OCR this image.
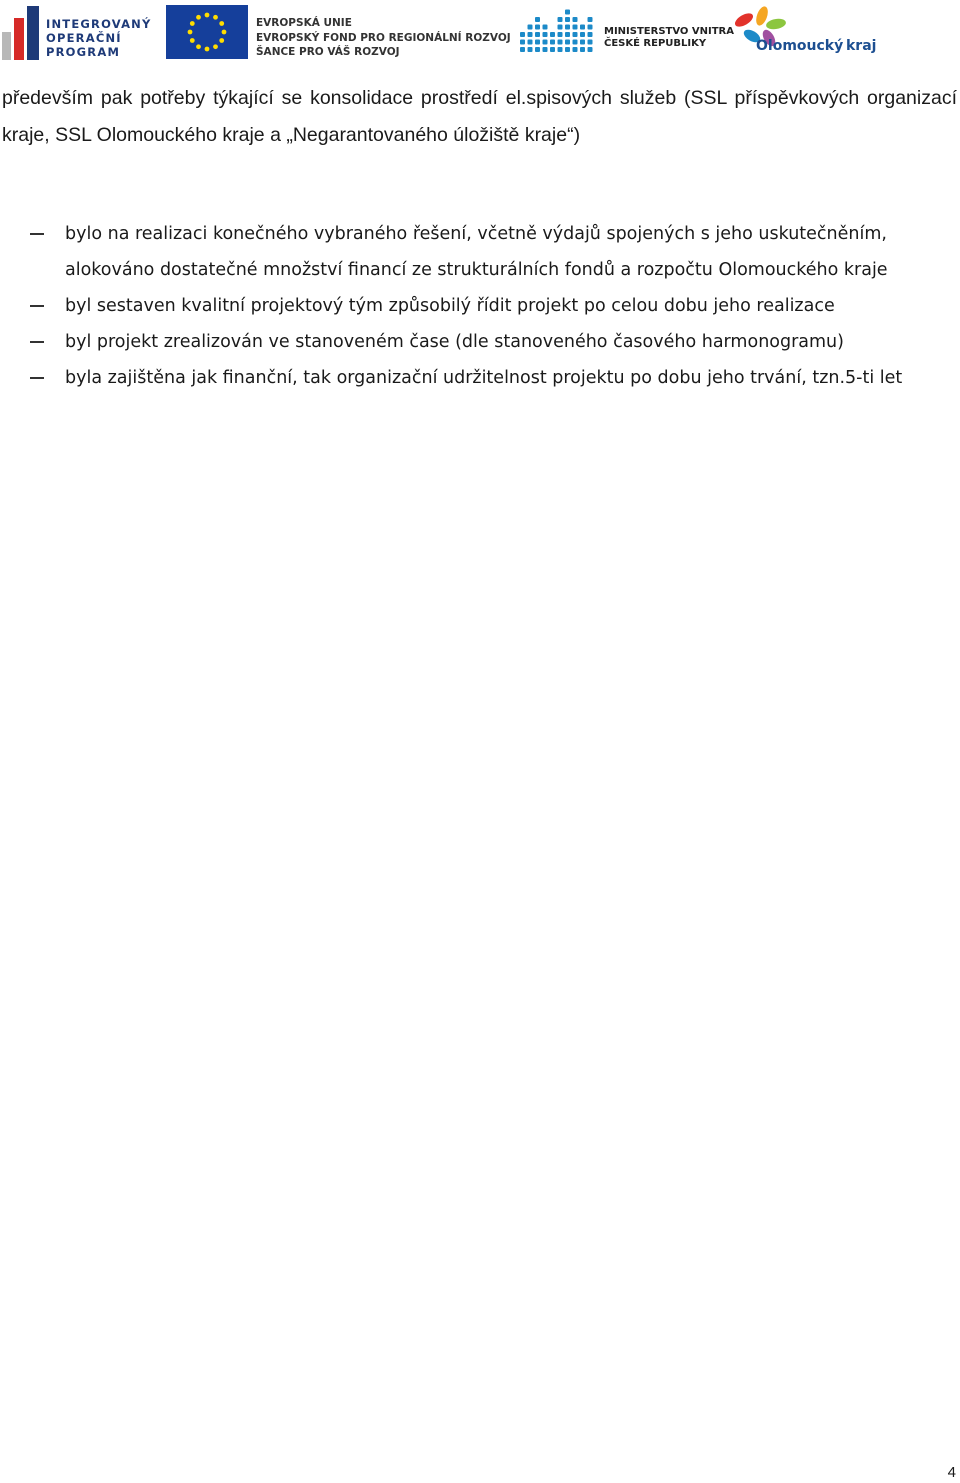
INTEGROVANÝ
OPERAČNÍ
PROGRAM
EVROPSKÁ UNIE
EVROPSKÝ FOND PRO REGIONÁLNÍ ROZVOJ
ŠANCE PRO VÁŠ ROZVOJ
MINISTERSTVO VNITRA
ČESKÉ REPUBLIKY	Olomoucký kraj

především pak potřeby týkající se konsolidace prostředí el.spisových služeb (SSL příspěvkových organizací
kraje, SSL Olomouckého kraje a „Negarantovaného úložiště kraje“)

bylo na realizaci konečného vybraného řešení, včetně výdajů spojených s jeho uskutečněním,
alokováno dostatečné množství financí ze strukturálních fondů a rozpočtu Olomouckého kraje
byl sestaven kvalitní projektový tým způsobilý řídit projekt po celou dobu jeho realizace
byl projekt zrealizován ve stanoveném čase (dle stanoveného časového harmonogramu)
byla zajištěna jak finanční, tak organizační udržitelnost projektu po dobu jeho trvání, tzn.5-ti let
4
